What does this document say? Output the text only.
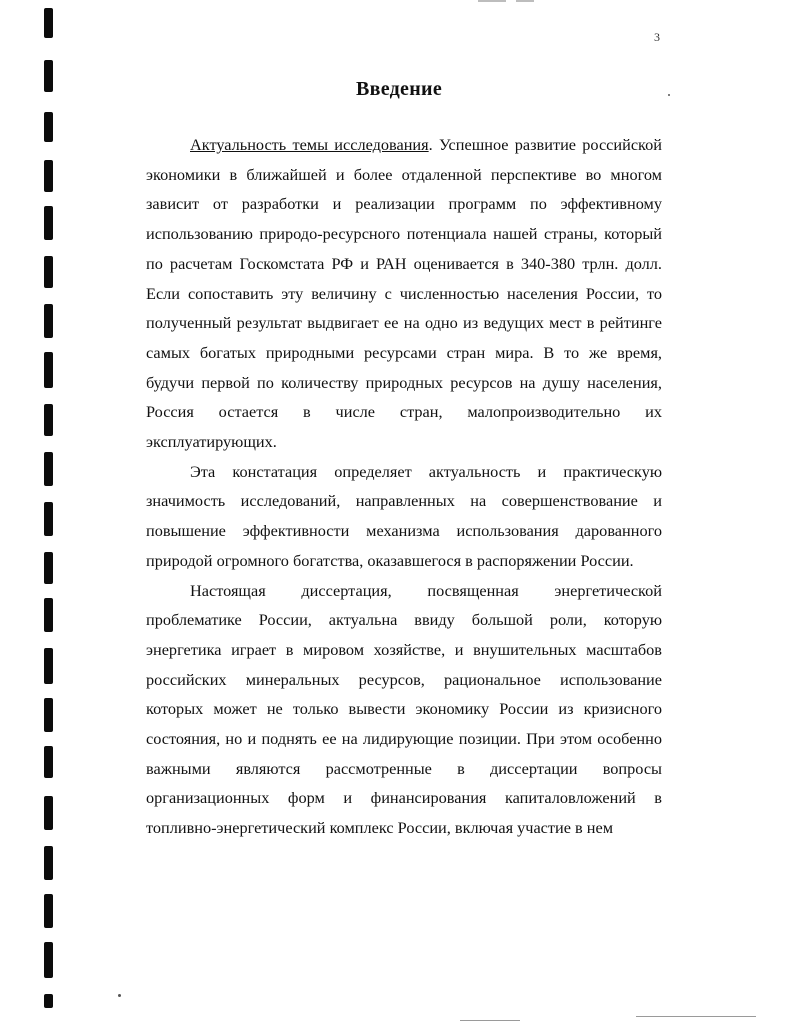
3
Введение

Актуальность темы исследования. Успешное развитие российской экономики в ближайшей и более отдаленной перспективе во многом зависит от разработки и реализации программ по эффективному использованию природо-ресурсного потенциала нашей страны, который по расчетам Госкомстата РФ и РАН оценивается в 340-380 трлн. долл. Если сопоставить эту величину с численностью населения России, то полученный результат выдвигает ее на одно из ведущих мест в рейтинге самых богатых природными ресурсами стран мира. В то же время, будучи первой по количеству природных ресурсов на душу населения, Россия остается в числе стран, малопроизводительно их эксплуатирующих.

Эта констатация определяет актуальность и практическую значимость исследований, направленных на совершенствование и повышение эффективности механизма использования дарованного природой огромного богатства, оказавшегося в распоряжении России.

Настоящая диссертация, посвященная энергетической проблематике России, актуальна ввиду большой роли, которую энергетика играет в мировом хозяйстве, и внушительных масштабов российских минеральных ресурсов, рациональное использование которых может не только вывести экономику России из кризисного состояния, но и поднять ее на лидирующие позиции. При этом особенно важными являются рассмотренные в диссертации вопросы организационных форм и финансирования капиталовложений в топливно-энергетический комплекс России, включая участие в нем
